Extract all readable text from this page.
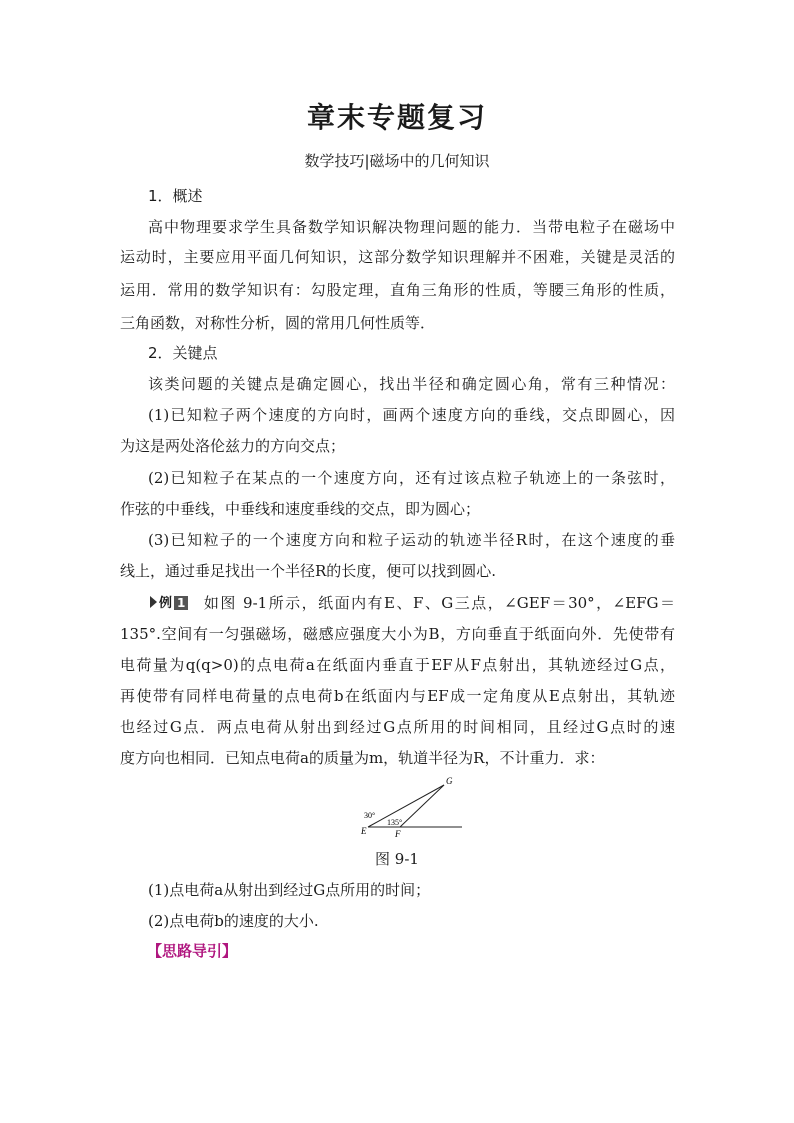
章末专题复习
数学技巧|磁场中的几何知识
1．概述
高中物理要求学生具备数学知识解决物理问题的能力．当带电粒子在磁场中
运动时，主要应用平面几何知识，这部分数学知识理解并不困难，关键是灵活的
运用．常用的数学知识有：勾股定理，直角三角形的性质，等腰三角形的性质，
三角函数，对称性分析，圆的常用几何性质等．
2．关键点
该类问题的关键点是确定圆心，找出半径和确定圆心角，常有三种情况：
(1)已知粒子两个速度的方向时，画两个速度方向的垂线，交点即圆心，因
为这是两处洛伦兹力的方向交点；
(2)已知粒子在某点的一个速度方向，还有过该点粒子轨迹上的一条弦时，
作弦的中垂线，中垂线和速度垂线的交点，即为圆心；
(3)已知粒子的一个速度方向和粒子运动的轨迹半径R时，在这个速度的垂
线上，通过垂足找出一个半径R的长度，便可以找到圆心.
例 1 如图 9-1所示，纸面内有E、F、G三点，∠GEF＝30°，∠EFG＝
135°.空间有一匀强磁场，磁感应强度大小为B，方向垂直于纸面向外．先使带有
电荷量为q(q>0)的点电荷a在纸面内垂直于EF从F点射出，其轨迹经过G点，
再使带有同样电荷量的点电荷b在纸面内与EF成一定角度从E点射出，其轨迹
也经过G点．两点电荷从射出到经过G点所用的时间相同，且经过G点时的速
度方向也相同．已知点电荷a的质量为m，轨道半径为R，不计重力．求：
G
E	F
30°
135°
图 9-1
(1)点电荷a从射出到经过G点所用的时间；
(2)点电荷b的速度的大小.
【思路导引】
